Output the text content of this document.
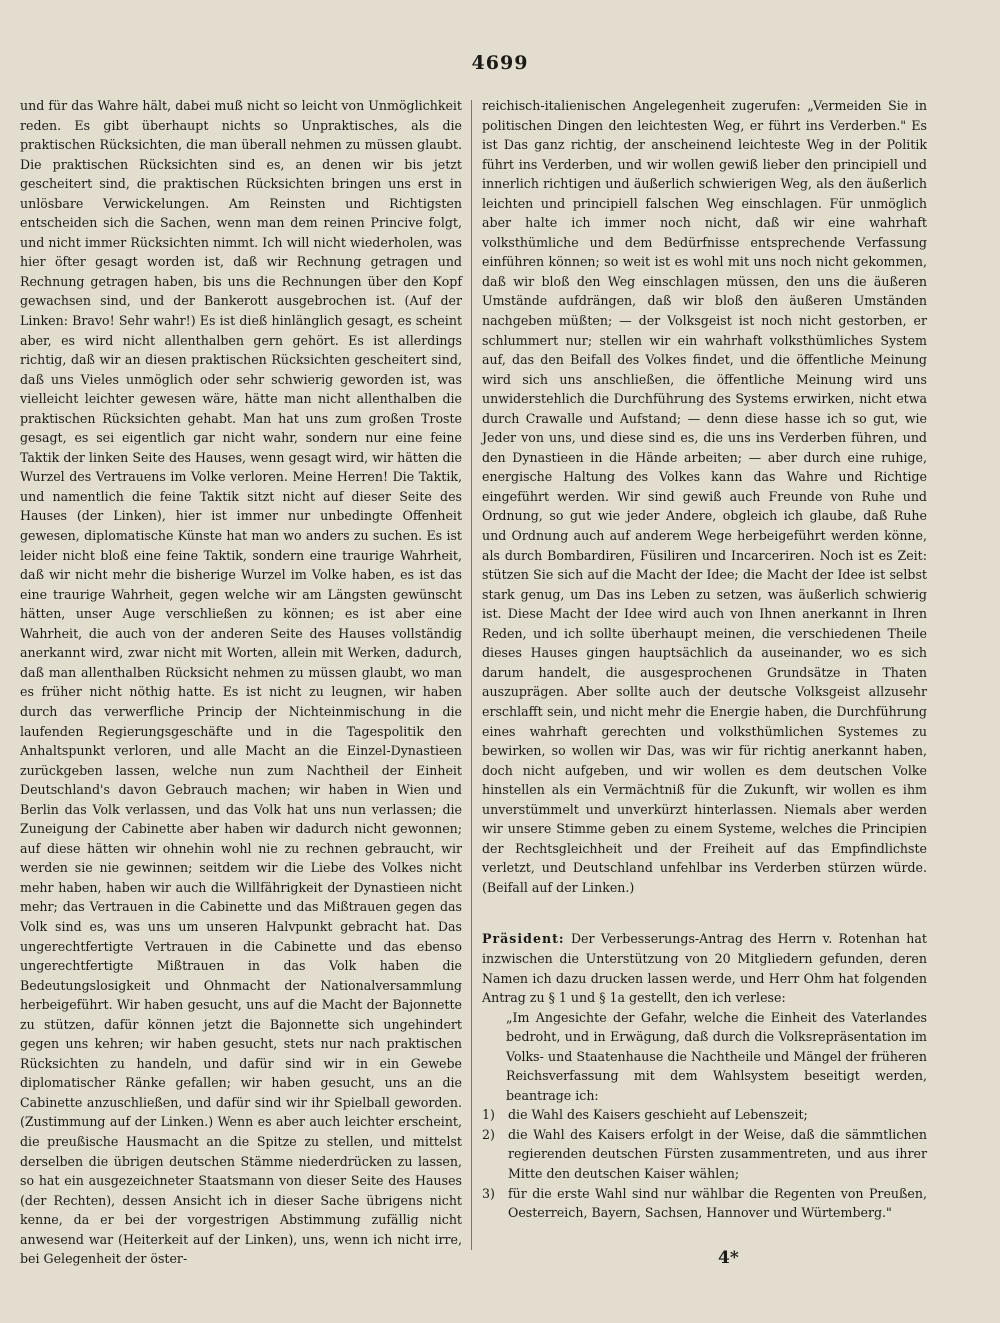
4699

und für das Wahre hält, dabei muß nicht so leicht von Unmöglichkeit reden. Es gibt überhaupt nichts so Unpraktisches, als die praktischen Rücksichten, die man überall nehmen zu müssen glaubt. Die praktischen Rücksichten sind es, an denen wir bis jetzt gescheitert sind, die praktischen Rücksichten bringen uns erst in unlösbare Verwickelungen. Am Reinsten und Richtigsten entscheiden sich die Sachen, wenn man dem reinen Princive folgt, und nicht immer Rücksichten nimmt. Ich will nicht wiederholen, was hier öfter gesagt worden ist, daß wir Rechnung getragen und Rechnung getragen haben, bis uns die Rechnungen über den Kopf gewachsen sind, und der Bankerott ausgebrochen ist. (Auf der Linken: Bravo! Sehr wahr!) Es ist dieß hinlänglich gesagt, es scheint aber, es wird nicht allenthalben gern gehört. Es ist allerdings richtig, daß wir an diesen praktischen Rücksichten gescheitert sind, daß uns Vieles unmöglich oder sehr schwierig geworden ist, was vielleicht leichter gewesen wäre, hätte man nicht allenthalben die praktischen Rücksichten gehabt. Man hat uns zum großen Troste gesagt, es sei eigentlich gar nicht wahr, sondern nur eine feine Taktik der linken Seite des Hauses, wenn gesagt wird, wir hätten die Wurzel des Vertrauens im Volke verloren. Meine Herren! Die Taktik, und namentlich die feine Taktik sitzt nicht auf dieser Seite des Hauses (der Linken), hier ist immer nur unbedingte Offenheit gewesen, diplomatische Künste hat man wo anders zu suchen. Es ist leider nicht bloß eine feine Taktik, sondern eine traurige Wahrheit, daß wir nicht mehr die bisherige Wurzel im Volke haben, es ist das eine traurige Wahrheit, gegen welche wir am Längsten gewünscht hätten, unser Auge verschließen zu können; es ist aber eine Wahrheit, die auch von der anderen Seite des Hauses vollständig anerkannt wird, zwar nicht mit Worten, allein mit Werken, dadurch, daß man allenthalben Rücksicht nehmen zu müssen glaubt, wo man es früher nicht nöthig hatte. Es ist nicht zu leugnen, wir haben durch das verwerfliche Princip der Nichteinmischung in die laufenden Regierungsgeschäfte und in die Tagespolitik den Anhaltspunkt verloren, und alle Macht an die Einzel-Dynastieen zurückgeben lassen, welche nun zum Nachtheil der Einheit Deutschland's davon Gebrauch machen; wir haben in Wien und Berlin das Volk verlassen, und das Volk hat uns nun verlassen; die Zuneigung der Cabinette aber haben wir dadurch nicht gewonnen; auf diese hätten wir ohnehin wohl nie zu rechnen gebraucht, wir werden sie nie gewinnen; seitdem wir die Liebe des Volkes nicht mehr haben, haben wir auch die Willfährigkeit der Dynastieen nicht mehr; das Vertrauen in die Cabinette und das Mißtrauen gegen das Volk sind es, was uns um unseren Halvpunkt gebracht hat. Das ungerechtfertigte Vertrauen in die Cabinette und das ebenso ungerechtfertigte Mißtrauen in das Volk haben die Bedeutungslosigkeit und Ohnmacht der Nationalversammlung herbeigeführt. Wir haben gesucht, uns auf die Macht der Bajonnette zu stützen, dafür können jetzt die Bajonnette sich ungehindert gegen uns kehren; wir haben gesucht, stets nur nach praktischen Rücksichten zu handeln, und dafür sind wir in ein Gewebe diplomatischer Ränke gefallen; wir haben gesucht, uns an die Cabinette anzuschließen, und dafür sind wir ihr Spielball geworden. (Zustimmung auf der Linken.) Wenn es aber auch leichter erscheint, die preußische Hausmacht an die Spitze zu stellen, und mittelst derselben die übrigen deutschen Stämme niederdrücken zu lassen, so hat ein ausgezeichneter Staatsmann von dieser Seite des Hauses (der Rechten), dessen Ansicht ich in dieser Sache übrigens nicht kenne, da er bei der vorgestrigen Abstimmung zufällig nicht anwesend war (Heiterkeit auf der Linken), uns, wenn ich nicht irre, bei Gelegenheit der öster-

reichisch-italienischen Angelegenheit zugerufen: „Vermeiden Sie in politischen Dingen den leichtesten Weg, er führt ins Verderben." Es ist Das ganz richtig, der anscheinend leichteste Weg in der Politik führt ins Verderben, und wir wollen gewiß lieber den principiell und innerlich richtigen und äußerlich schwierigen Weg, als den äußerlich leichten und principiell falschen Weg einschlagen. Für unmöglich aber halte ich immer noch nicht, daß wir eine wahrhaft volksthümliche und dem Bedürfnisse entsprechende Verfassung einführen können; so weit ist es wohl mit uns noch nicht gekommen, daß wir bloß den Weg einschlagen müssen, den uns die äußeren Umstände aufdrängen, daß wir bloß den äußeren Umständen nachgeben müßten; — der Volksgeist ist noch nicht gestorben, er schlummert nur; stellen wir ein wahrhaft volksthümliches System auf, das den Beifall des Volkes findet, und die öffentliche Meinung wird sich uns anschließen, die öffentliche Meinung wird uns unwiderstehlich die Durchführung des Systems erwirken, nicht etwa durch Crawalle und Aufstand; — denn diese hasse ich so gut, wie Jeder von uns, und diese sind es, die uns ins Verderben führen, und den Dynastieen in die Hände arbeiten; — aber durch eine ruhige, energische Haltung des Volkes kann das Wahre und Richtige eingeführt werden. Wir sind gewiß auch Freunde von Ruhe und Ordnung, so gut wie jeder Andere, obgleich ich glaube, daß Ruhe und Ordnung auch auf anderem Wege herbeigeführt werden könne, als durch Bombardiren, Füsiliren und Incarceriren. Noch ist es Zeit: stützen Sie sich auf die Macht der Idee; die Macht der Idee ist selbst stark genug, um Das ins Leben zu setzen, was äußerlich schwierig ist. Diese Macht der Idee wird auch von Ihnen anerkannt in Ihren Reden, und ich sollte überhaupt meinen, die verschiedenen Theile dieses Hauses gingen hauptsächlich da auseinander, wo es sich darum handelt, die ausgesprochenen Grundsätze in Thaten auszuprägen. Aber sollte auch der deutsche Volksgeist allzusehr erschlafft sein, und nicht mehr die Energie haben, die Durchführung eines wahrhaft gerechten und volksthümlichen Systemes zu bewirken, so wollen wir Das, was wir für richtig anerkannt haben, doch nicht aufgeben, und wir wollen es dem deutschen Volke hinstellen als ein Vermächtniß für die Zukunft, wir wollen es ihm unverstümmelt und unverkürzt hinterlassen. Niemals aber werden wir unsere Stimme geben zu einem Systeme, welches die Principien der Rechtsgleichheit und der Freiheit auf das Empfindlichste verletzt, und Deutschland unfehlbar ins Verderben stürzen würde. (Beifall auf der Linken.)

Präsident: Der Verbesserungs-Antrag des Herrn v. Rotenhan hat inzwischen die Unterstützung von 20 Mitgliedern gefunden, deren Namen ich dazu drucken lassen werde, und Herr Ohm hat folgenden Antrag zu § 1 und § 1a gestellt, den ich verlese:

„Im Angesichte der Gefahr, welche die Einheit des Vaterlandes bedroht, und in Erwägung, daß durch die Volksrepräsentation im Volks- und Staatenhause die Nachtheile und Mängel der früheren Reichsverfassung mit dem Wahlsystem beseitigt werden, beantrage ich:

1)	die Wahl des Kaisers geschieht auf Lebenszeit;
2)	die Wahl des Kaisers erfolgt in der Weise, daß die sämmtlichen regierenden deutschen Fürsten zusammentreten, und aus ihrer Mitte den deutschen Kaiser wählen;
3)	für die erste Wahl sind nur wählbar die Regenten von Preußen, Oesterreich, Bayern, Sachsen, Hannover und Würtemberg."
4*
